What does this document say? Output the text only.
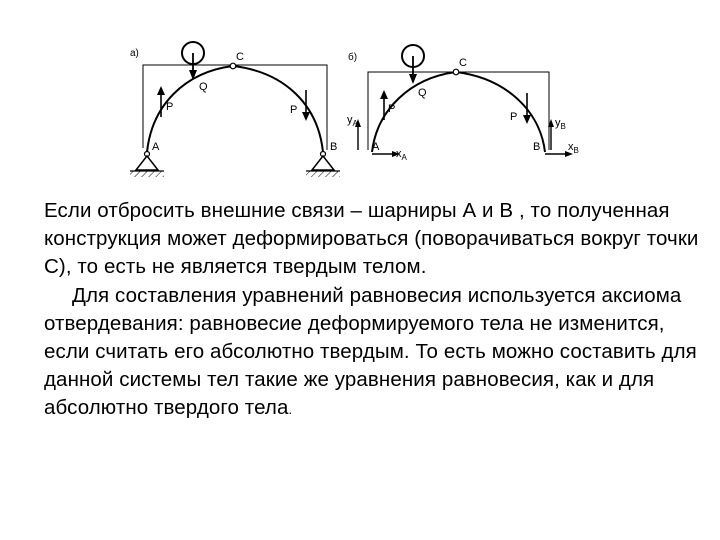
а)	C
Q
P	P
A	B
б)	C
Q
P
P
$y_A$
$x_A$
A
$y_B$
$x_B$
B

Если отбросить внешние связи – шарниры А и В , то полученная конструкция может деформироваться (поворачиваться вокруг точки С), то есть не является твердым телом.

Для составления уравнений равновесия используется аксиома отвердевания: равновесие деформируемого тела не изменится, если считать его абсолютно твердым. То есть можно составить для данной системы тел такие же уравнения равновесия, как и для абсолютно твердого тела.
